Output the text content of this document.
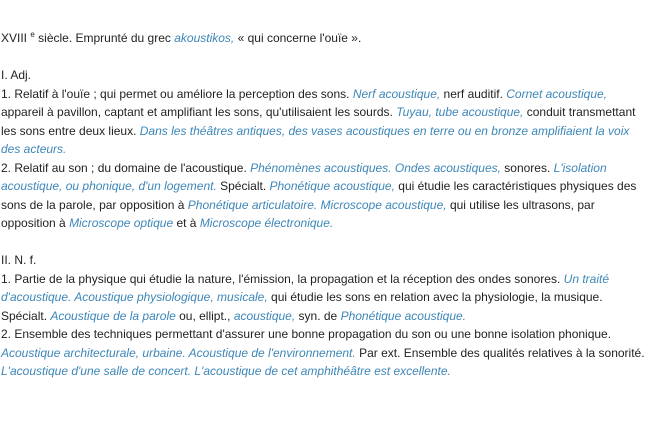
XVIII $^e$ siècle. Emprunté du grec akoustikos, « qui concerne l'ouïe ».

I. Adj.

1. Relatif à l'ouïe ; qui permet ou améliore la perception des sons. Nerf acoustique, nerf auditif. Cornet acoustique, appareil à pavillon, captant et amplifiant les sons, qu'utilisaient les sourds. Tuyau, tube acoustique, conduit transmettant les sons entre deux lieux. Dans les théâtres antiques, des vases acoustiques en terre ou en bronze amplifiaient la voix des acteurs.

2. Relatif au son ; du domaine de l'acoustique. Phénomènes acoustiques. Ondes acoustiques, sonores. L'isolation acoustique, ou phonique, d'un logement. Spécialt. Phonétique acoustique, qui étudie les caractéristiques physiques des sons de la parole, par opposition à Phonétique articulatoire. Microscope acoustique, qui utilise les ultrasons, par opposition à Microscope optique et à Microscope électronique.

II. N. f.

1. Partie de la physique qui étudie la nature, l'émission, la propagation et la réception des ondes sonores. Un traité d'acoustique. Acoustique physiologique, musicale, qui étudie les sons en relation avec la physiologie, la musique. Spécialt. Acoustique de la parole ou, ellipt., acoustique, syn. de Phonétique acoustique.

2. Ensemble des techniques permettant d'assurer une bonne propagation du son ou une bonne isolation phonique. Acoustique architecturale, urbaine. Acoustique de l'environnement. Par ext. Ensemble des qualités relatives à la sonorité. L'acoustique d'une salle de concert. L'acoustique de cet amphithéâtre est excellente.
